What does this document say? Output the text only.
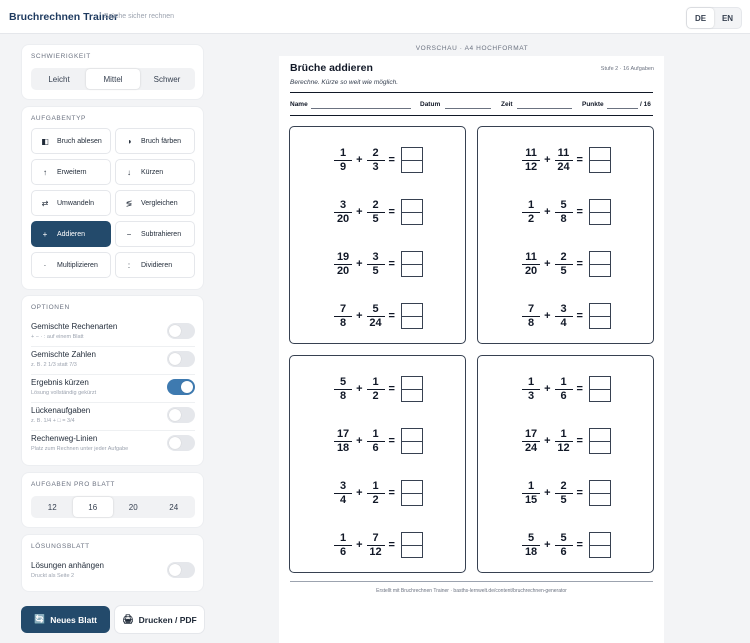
Bruchrechnen Trainer
Brüche sicher rechnen	DE	EN
SCHWIERIGKEIT
Leicht	Mittel	Schwer
AUFGABENTYP
◧	Bruch ablesen	◑	Bruch färben
↑	Erweitern	↓	Kürzen
⇄	Umwandeln	≶	Vergleichen
+	Addieren	−	Subtrahieren
·	Multiplizieren	:	Dividieren
OPTIONEN
Gemischte Rechenarten
+ − · : auf einem Blatt
Gemischte Zahlen
z. B. 2 1/3 statt 7/3
Ergebnis kürzen
Lösung vollständig gekürzt
Lückenaufgaben
z. B. 1/4 + □ = 3/4
Rechenweg-Linien
Platz zum Rechnen unter jeder Aufgabe
AUFGABEN PRO BLATT
12	16	20	24
LÖSUNGSBLATT
Lösungen anhängen
Druckt als Seite 2
🔄 Neues Blatt	🖨 Drucken / PDF
VORSCHAU · A4 HOCHFORMAT
Brüche addieren	Stufe 2 · 16 Aufgaben
Berechne. Kürze so weit wie möglich.
Name	Datum	Zeit	Punkte	/ 16
$\frac{1}{9} + \frac{2}{3}$ =
$\frac{3}{20} + \frac{2}{5}$ =
$\frac{19}{20} + \frac{3}{5}$ =
$\frac{7}{8} + \frac{5}{24}$ =
$\frac{11}{12} + \frac{11}{24}$ =
$\frac{1}{2} + \frac{5}{8}$ =
$\frac{11}{20} + \frac{2}{5}$ =
$\frac{7}{8} + \frac{3}{4}$ =
$\frac{5}{8} + \frac{1}{2}$ =
$\frac{17}{18} + \frac{1}{6}$ =
$\frac{3}{4} + \frac{1}{2}$ =
$\frac{1}{6} + \frac{7}{12}$ =
$\frac{1}{3} + \frac{1}{6}$ =
$\frac{17}{24} + \frac{1}{12}$ =
$\frac{1}{15} + \frac{2}{5}$ =
$\frac{5}{18} + \frac{5}{6}$ =
Erstellt mit Bruchrechnen Trainer · basths-lernwelt.de/content/bruchrechnen-generator
